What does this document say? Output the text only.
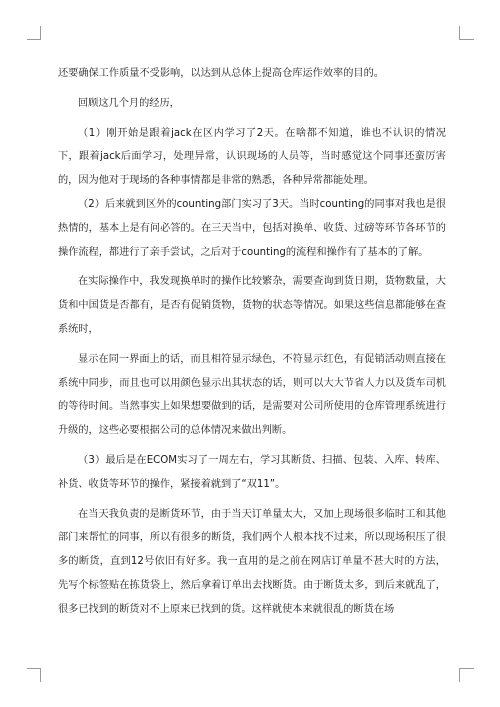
还要确保工作质量不受影响，以达到从总体上提高仓库运作效率的目的。

回顾这几个月的经历，

（1）刚开始是跟着jack在区内学习了2天。在啥都不知道，谁也不认识的情况下，跟着jack后面学习，处理异常，认识现场的人员等，当时感觉这个同事还蛮厉害的，因为他对于现场的各种事情都是非常的熟悉，各种异常都能处理。

（2）后来就到区外的counting部门实习了3天。当时counting的同事对我也是很热情的，基本上是有问必答的。在三天当中，包括对换单、收货、过磅等环节各环节的操作流程，都进行了亲手尝试，之后对于counting的流程和操作有了基本的了解。

在实际操作中，我发现换单时的操作比较繁杂，需要查询到货日期，货物数量，大货和中国货是否都有，是否有促销货物，货物的状态等情况。如果这些信息都能够在查系统时，

显示在同一界面上的话，而且相符显示绿色，不符显示红色，有促销活动则直接在系统中同步，而且也可以用颜色显示出其状态的话，则可以大大节省人力以及货车司机的等待时间。当然事实上如果想要做到的话，是需要对公司所使用的仓库管理系统进行升级的，这些必要根据公司的总体情况来做出判断。

（3）最后是在ECOM实习了一周左右，学习其断货、扫描、包装、入库、转库、补货、收货等环节的操作，紧接着就到了“双11”。

在当天我负责的是断货环节，由于当天订单量太大，又加上现场很多临时工和其他部门来帮忙的同事，所以有很多的断货，我们两个人根本找不过来，所以现场积压了很多的断货，直到12号依旧有好多。我一直用的是之前在网店订单量不甚大时的方法，先写个标签贴在拣货袋上，然后拿着订单出去找断货。由于断货太多，到后来就乱了，很多已找到的断货对不上原来已找到的货。这样就使本来就很乱的断货在场
